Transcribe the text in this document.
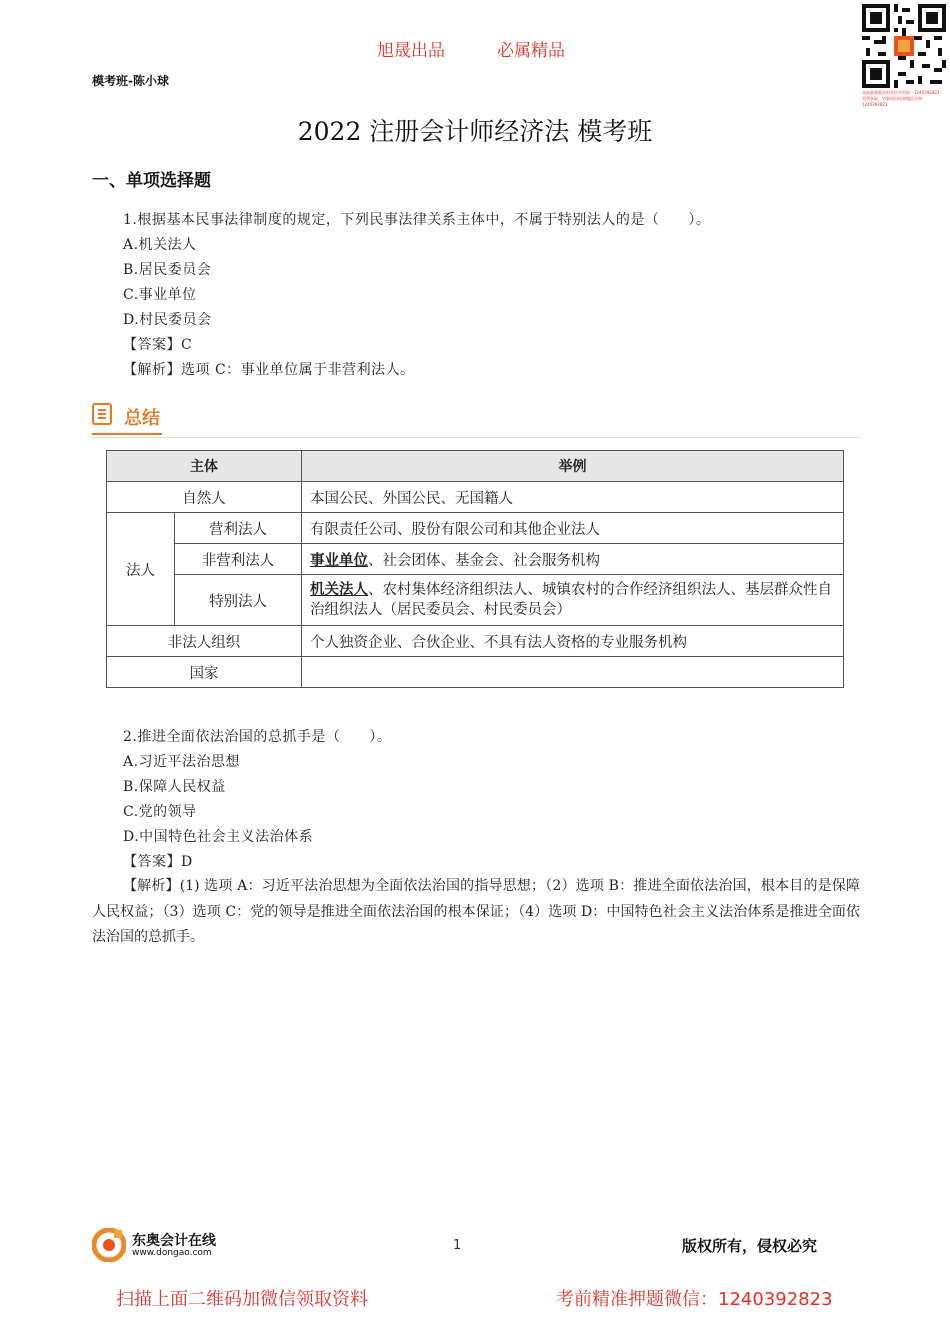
旭晟出品	必属精品
模考班-陈小球
获取最新版资料及更多资料：1240392823
免费获取，更新请扫码加微信咨询：1240392823
2022 注册会计师经济法 模考班
一、单项选择题
1.根据基本民事法律制度的规定，下列民事法律关系主体中，不属于特别法人的是（　　）。
A.机关法人
B.居民委员会
C.事业单位
D.村民委员会
【答案】C
【解析】选项 C：事业单位属于非营利法人。
总结
主体		举例
自然人		本国公民、外国公民、无国籍人
法人	营利法人	有限责任公司、股份有限公司和其他企业法人
	非营利法人	事业单位、社会团体、基金会、社会服务机构
	特别法人	机关法人、农村集体经济组织法人、城镇农村的合作经济组织法人、基层群众性自治组织法人（居民委员会、村民委员会）
非法人组织		个人独资企业、合伙企业、不具有法人资格的专业服务机构
国家		
2.推进全面依法治国的总抓手是（　　）。
A.习近平法治思想
B.保障人民权益
C.党的领导
D.中国特色社会主义法治体系
【答案】D
【解析】(1) 选项 A：习近平法治思想为全面依法治国的指导思想；（2）选项 B：推进全面依法治国，根本目的是保障人民权益；（3）选项 C：党的领导是推进全面依法治国的根本保证；（4）选项 D：中国特色社会主义法治体系是推进全面依法治国的总抓手。
东奥会计在线
www.dongao.com	1	版权所有，侵权必究
扫描上面二维码加微信领取资料	考前精准押题微信：1240392823
